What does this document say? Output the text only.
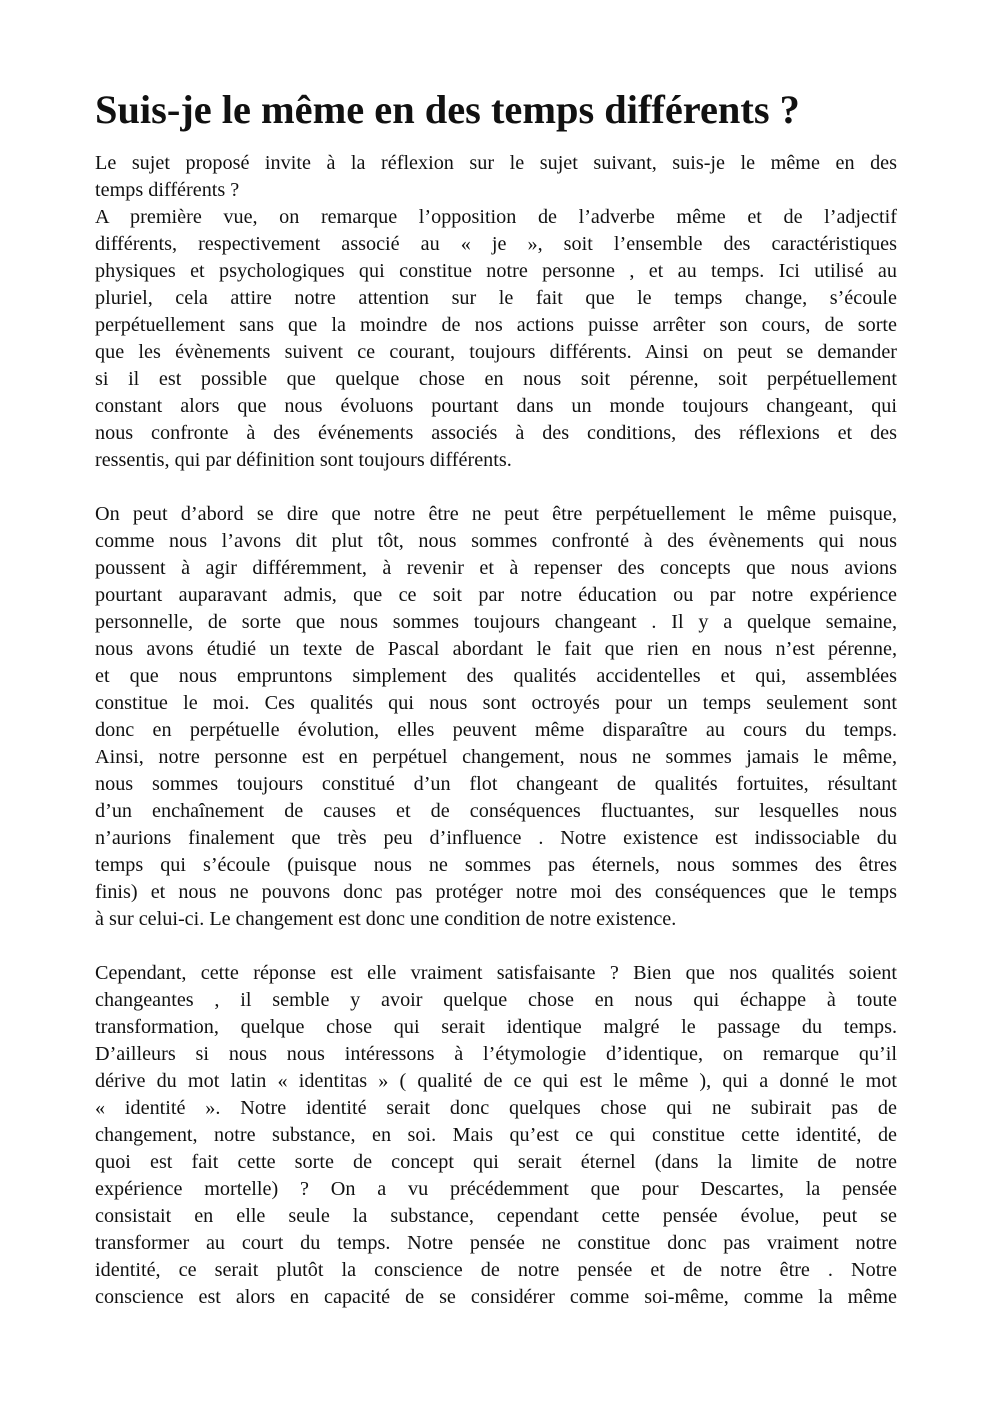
Suis-je le même en des temps différents ?
Le sujet proposé invite à la réflexion sur le sujet suivant, suis-je le même en des
temps différents ?
A première vue, on remarque l’opposition de l’adverbe même et de l’adjectif
différents, respectivement associé au « je », soit l’ensemble des caractéristiques
physiques et psychologiques qui constitue notre personne , et au temps. Ici utilisé au
pluriel, cela attire notre attention sur le fait que le temps change, s’écoule
perpétuellement sans que la moindre de nos actions puisse arrêter son cours, de sorte
que les évènements suivent ce courant, toujours différents. Ainsi on peut se demander
si il est possible que quelque chose en nous soit pérenne, soit perpétuellement
constant alors que nous évoluons pourtant dans un monde toujours changeant, qui
nous confronte à des événements associés à des conditions, des réflexions et des
ressentis, qui par définition sont toujours différents.
On peut d’abord se dire que notre être ne peut être perpétuellement le même puisque,
comme nous l’avons dit plut tôt, nous sommes confronté à des évènements qui nous
poussent à agir différemment, à revenir et à repenser des concepts que nous avions
pourtant auparavant admis, que ce soit par notre éducation ou par notre expérience
personnelle, de sorte que nous sommes toujours changeant . Il y a quelque semaine,
nous avons étudié un texte de Pascal abordant le fait que rien en nous n’est pérenne,
et que nous empruntons simplement des qualités accidentelles et qui, assemblées
constitue le moi. Ces qualités qui nous sont octroyés pour un temps seulement sont
donc en perpétuelle évolution, elles peuvent même disparaître au cours du temps.
Ainsi, notre personne est en perpétuel changement, nous ne sommes jamais le même,
nous sommes toujours constitué d’un flot changeant de qualités fortuites, résultant
d’un enchaînement de causes et de conséquences fluctuantes, sur lesquelles nous
n’aurions finalement que très peu d’influence . Notre existence est indissociable du
temps qui s’écoule (puisque nous ne sommes pas éternels, nous sommes des êtres
finis) et nous ne pouvons donc pas protéger notre moi des conséquences que le temps
à sur celui-ci. Le changement est donc une condition de notre existence.
Cependant, cette réponse est elle vraiment satisfaisante ? Bien que nos qualités soient
changeantes , il semble y avoir quelque chose en nous qui échappe à toute
transformation, quelque chose qui serait identique malgré le passage du temps.
D’ailleurs si nous nous intéressons à l’étymologie d’identique, on remarque qu’il
dérive du mot latin « identitas » ( qualité de ce qui est le même ), qui a donné le mot
« identité ». Notre identité serait donc quelques chose qui ne subirait pas de
changement, notre substance, en soi. Mais qu’est ce qui constitue cette identité, de
quoi est fait cette sorte de concept qui serait éternel (dans la limite de notre
expérience mortelle) ? On a vu précédemment que pour Descartes, la pensée
consistait en elle seule la substance, cependant cette pensée évolue, peut se
transformer au court du temps. Notre pensée ne constitue donc pas vraiment notre
identité, ce serait plutôt la conscience de notre pensée et de notre être . Notre
conscience est alors en capacité de se considérer comme soi-même, comme la même
